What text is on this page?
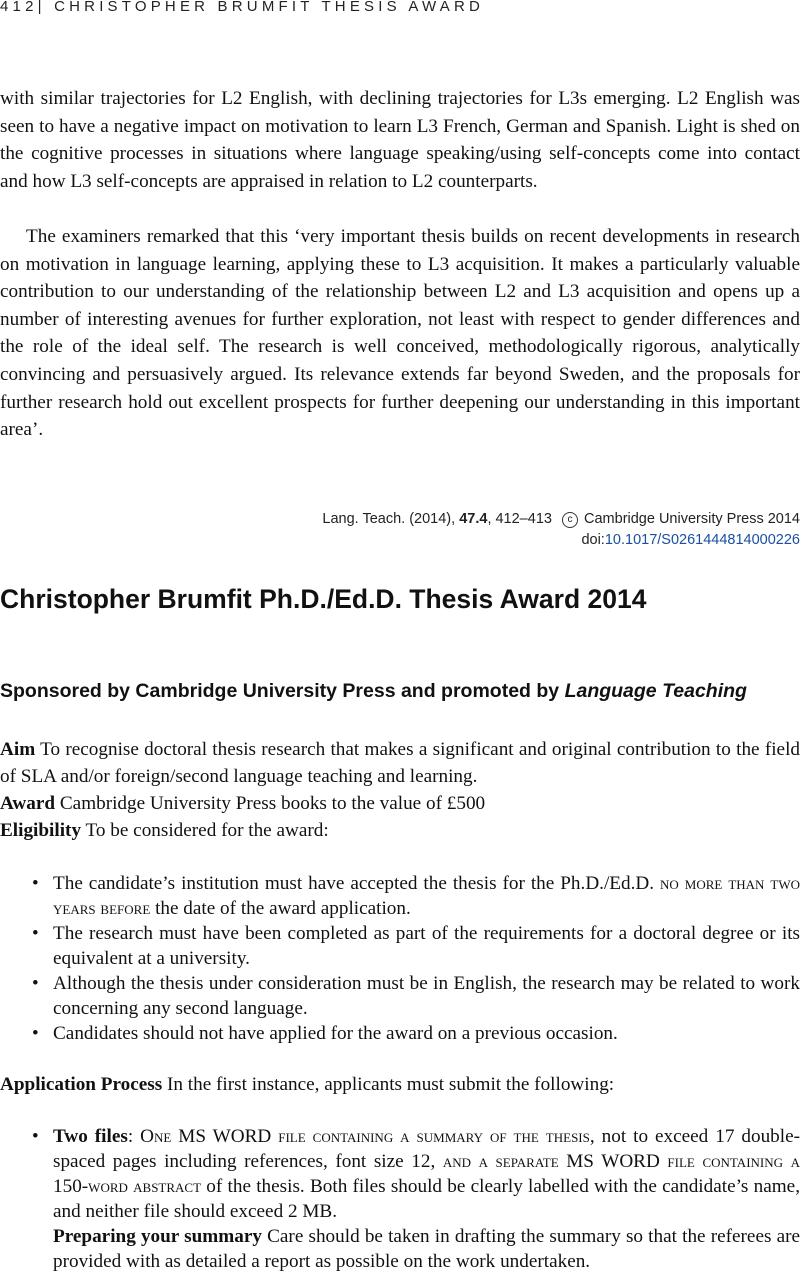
412| CHRISTOPHER BRUMFIT THESIS AWARD

with similar trajectories for L2 English, with declining trajectories for L3s emerging. L2 English was seen to have a negative impact on motivation to learn L3 French, German and Spanish. Light is shed on the cognitive processes in situations where language speaking/using self-concepts come into contact and how L3 self-concepts are appraised in relation to L2 counterparts.

The examiners remarked that this ‘very important thesis builds on recent developments in research on motivation in language learning, applying these to L3 acquisition. It makes a particularly valuable contribution to our understanding of the relationship between L2 and L3 acquisition and opens up a number of interesting avenues for further exploration, not least with respect to gender differences and the role of the ideal self. The research is well conceived, methodologically rigorous, analytically convincing and persuasively argued. Its relevance extends far beyond Sweden, and the proposals for further research hold out excellent prospects for further deepening our understanding in this important area’.

Lang. Teach. (2014), 47.4, 412–413 c Cambridge University Press 2014
doi:10.1017/S0261444814000226
Christopher Brumfit Ph.D./Ed.D. Thesis Award 2014
Sponsored by Cambridge University Press and promoted by Language Teaching

Aim To recognise doctoral thesis research that makes a significant and original contribution to the field of SLA and/or foreign/second language teaching and learning.

Award Cambridge University Press books to the value of £500

Eligibility To be considered for the award:

• The candidate’s institution must have accepted the thesis for the Ph.D./Ed.D. no more than two years before the date of the award application.
• The research must have been completed as part of the requirements for a doctoral degree or its equivalent at a university.
• Although the thesis under consideration must be in English, the research may be related to work concerning any second language.
• Candidates should not have applied for the award on a previous occasion.

Application Process In the first instance, applicants must submit the following:

• Two files: One MS WORD file containing a summary of the thesis, not to exceed 17 double-spaced pages including references, font size 12, and a separate MS WORD file containing a 150-word abstract of the thesis. Both files should be clearly labelled with the candidate’s name, and neither file should exceed 2 MB.
Preparing your summary Care should be taken in drafting the summary so that the referees are provided with as detailed a report as possible on the work undertaken.
